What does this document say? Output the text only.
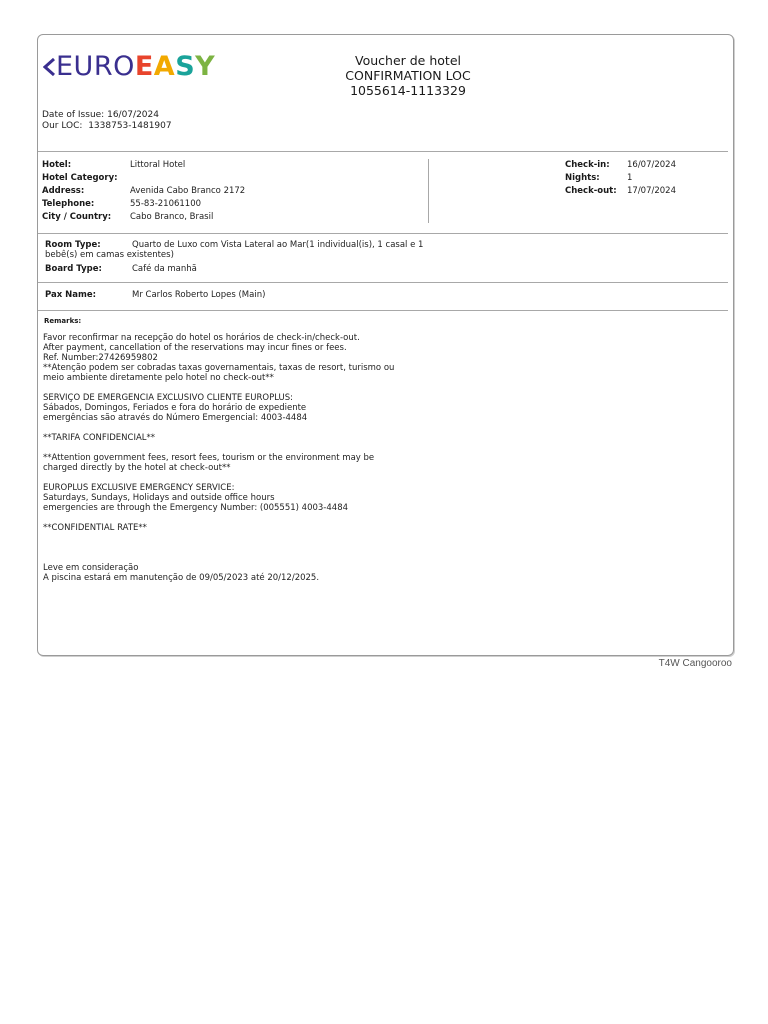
EUROEASY	Voucher de hotel
CONFIRMATION LOC
1055614-1113329
Date of Issue: 16/07/2024
Our LOC: 1338753-1481907
Hotel:	Littoral Hotel
Hotel Category:
Address:	Avenida Cabo Branco 2172
Telephone:	55-83-21061100
City / Country: Cabo Branco, Brasil
Check-in: 16/07/2024
Nights:	1
Check-out: 17/07/2024
Room Type:	Quarto de Luxo com Vista Lateral ao Mar(1 individual(is), 1 casal e 1 bebê(s) em camas existentes)
Board Type:	Café da manhã
Pax Name:	Mr Carlos Roberto Lopes (Main)
Remarks:

Favor reconfirmar na recepção do hotel os horários de check-in/check-out.

After payment, cancellation of the reservations may incur fines or fees.

Ref. Number:27426959802

**Atenção podem ser cobradas taxas governamentais, taxas de resort, turismo ou

meio ambiente diretamente pelo hotel no check-out**

SERVIÇO DE EMERGENCIA EXCLUSIVO CLIENTE EUROPLUS:

Sábados, Domingos, Feriados e fora do horário de expediente

emergências são através do Número Emergencial: 4003-4484

**TARIFA CONFIDENCIAL**

**Attention government fees, resort fees, tourism or the environment may be

charged directly by the hotel at check-out**

EUROPLUS EXCLUSIVE EMERGENCY SERVICE:

Saturdays, Sundays, Holidays and outside office hours

emergencies are through the Emergency Number: (005551) 4003-4484

**CONFIDENTIAL RATE**

Leve em consideração

A piscina estará em manutenção de 09/05/2023 até 20/12/2025.

T4W Cangooroo
